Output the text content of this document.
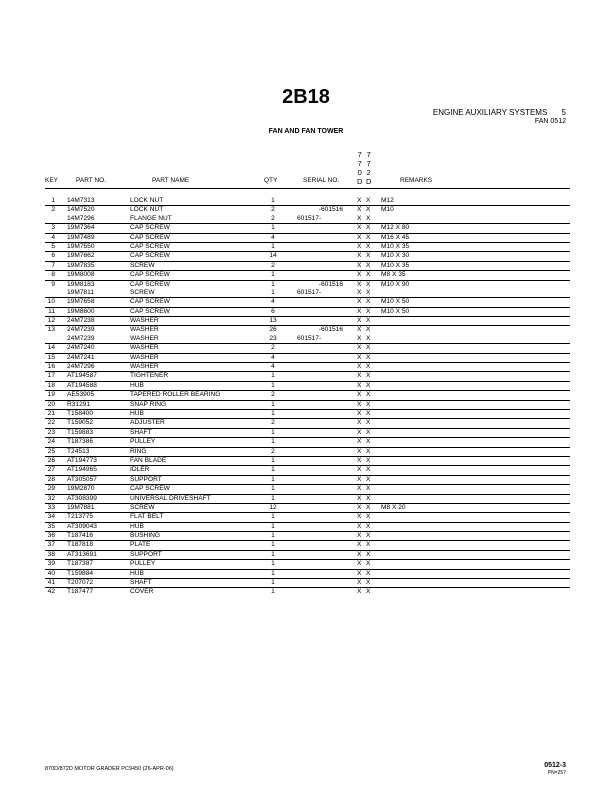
2B18
ENGINE AUXILIARY SYSTEMS 5
FAN 0512
FAN AND FAN TOWER
7
7
0
D
7
7
2
D
KEY	PART NO.	PART NAME	QTY	SERIAL NO.	REMARKS
1 14M7313	LOCK NUT	1	X X M12
2 14M7520	LOCK NUT	2	-601516 X X M10
14M7296	FLANGE NUT	2	601517-	X X
3 19M7364	CAP SCREW	1	X X M12 X 80
4 19M7489	CAP SCREW	4	X X M16 X 45
5 19M7550	CAP SCREW	1	X X M10 X 35
6 19M7662	CAP SCREW	14	X X M10 X 30
7 19M7835	SCREW	2	X X M10 X 35
8 19M8008	CAP SCREW	1	X X M8 X 35
9 19M8183	CAP SCREW	1	-601516 X X M10 X 90
19M7811	SCREW	1	601517-	X X
10 19M7658	CAP SCREW	4	X X M10 X 50
11 19M8600	CAP SCREW	6	X X M10 X 50
12 24M7238	WASHER	13	X X
13 24M7239	WASHER	26	-601516 X X
24M7239	WASHER	23	601517-	X X
14 24M7240	WASHER	2	X X
15 24M7241	WASHER	4	X X
16 24M7296	WASHER	4	X X
17 AT194587	TIGHTENER	1	X X
18 AT194588	HUB	1	X X
19 AE53905	TAPERED ROLLER BEARING	2	X X
20 R31291	SNAP RING	1	X X
21 T158400	HUB	1	X X
22 T159052	ADJUSTER	2	X X
23 T159883	SHAFT	1	X X
24 T187386	PULLEY	1	X X
25 T24513	RING	2	X X
26 AT194773	FAN BLADE	1	X X
27 AT194965	IDLER	1	X X
28 AT305057	SUPPORT	1	X X
29 19M2870	CAP SCREW	1	X X
32 AT308399	UNIVERSAL DRIVESHAFT	1	X X
33 19M7881	SCREW	12	X X M8 X 20
34 T213775	FLAT BELT	1	X X
35 AT309043	HUB	1	X X
36 T187416	BUSHING	1	X X
37 T187818	PLATE	1	X X
38 AT313691	SUPPORT	1	X X
39 T187387	PULLEY	1	X X
40 T159884	HUB	1	X X
41 T207072	SHAFT	1	X X
42 T187477	COVER	1	X X
870D/872D MOTOR GRADER PC9450 (26-APR-06)	0512-3
PN=257
